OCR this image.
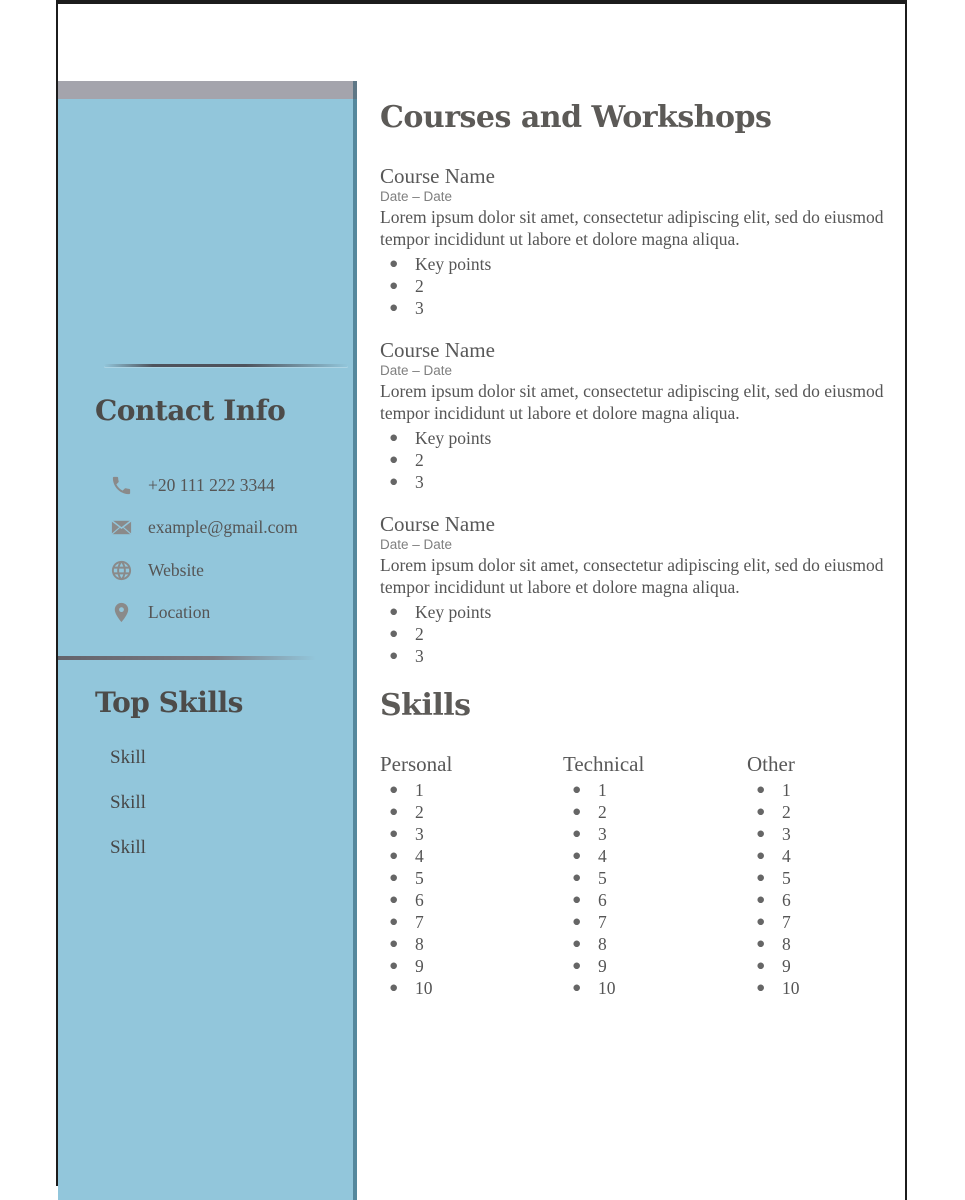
Contact Info
+20 111 222 3344
example@gmail.com
Website
Location
Top Skills

Skill

Skill

Skill

Courses and Workshops
Course Name

Date – Date

Lorem ipsum dolor sit amet, consectetur adipiscing elit, sed do eiusmod tempor incididunt ut labore et dolore magna aliqua.

● Key points
● 2
● 3
Course Name

Date – Date

Lorem ipsum dolor sit amet, consectetur adipiscing elit, sed do eiusmod tempor incididunt ut labore et dolore magna aliqua.

● Key points
● 2
● 3
Course Name

Date – Date

Lorem ipsum dolor sit amet, consectetur adipiscing elit, sed do eiusmod tempor incididunt ut labore et dolore magna aliqua.

● Key points
● 2
● 3
Skills
Personal
● 1
● 2
● 3
● 4
● 5
● 6
● 7
● 8
● 9
● 10
Technical
● 1
● 2
● 3
● 4
● 5
● 6
● 7
● 8
● 9
● 10
Other
● 1
● 2
● 3
● 4
● 5
● 6
● 7
● 8
● 9
● 10
